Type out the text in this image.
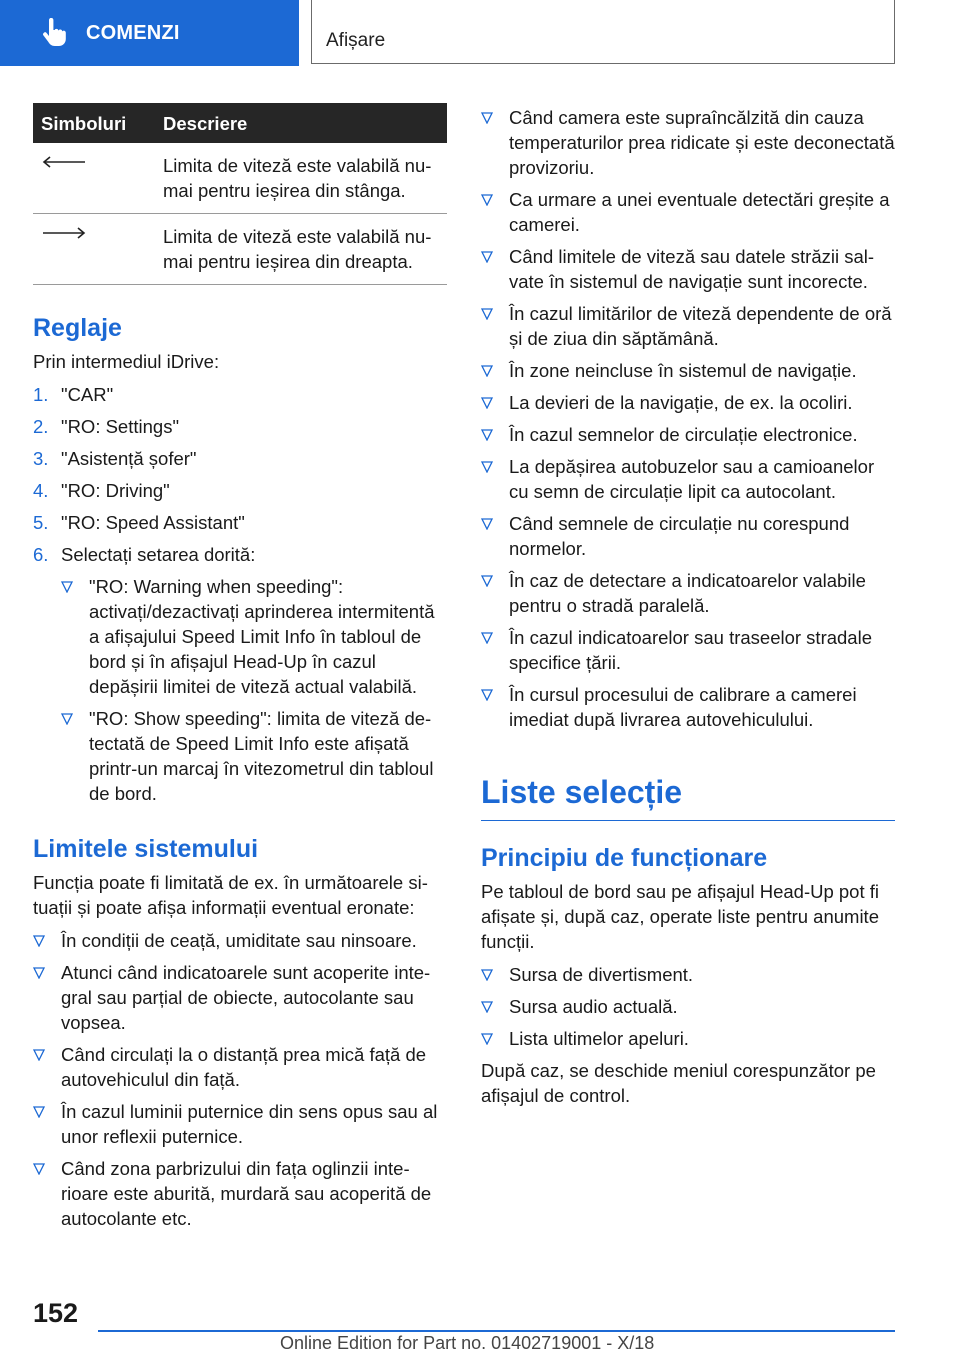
COMENZI	Afișare
Simboluri	Descriere

	Limita de viteză este valabilă numai pentru ieșirea din stânga.

	Limita de viteză este valabilă numai pentru ieșirea din dreapta.
Reglaje

Prin intermediul iDrive:

1. "CAR"
2. "RO: Settings"
3. "Asistență șofer"
4. "RO: Driving"
5. "RO: Speed Assistant"
6. Selectați setarea dorită:
"RO: Warning when speeding": activați/dezactivați aprinderea intermitentă a afișajului Speed Limit Info în tabloul de bord și în afișajul Head-Up în cazul depășirii limitei de viteză actual valabilă.
"RO: Show speeding": limita de viteză detectată de Speed Limit Info este afișată printr-un marcaj în vitezometrul din tabloul de bord.
Limitele sistemului

Funcția poate fi limitată de ex. în următoarele situații și poate afișa informații eventual eronate:

În condiții de ceață, umiditate sau ninsoare.
Atunci când indicatoarele sunt acoperite integral sau parțial de obiecte, autocolante sau vopsea.
Când circulați la o distanță prea mică față de autovehiculul din față.
În cazul luminii puternice din sens opus sau al unor reflexii puternice.
Când zona parbrizului din fața oglinzii interioare este aburită, murdară sau acoperită de autocolante etc.
Când camera este supraîncălzită din cauza temperaturilor prea ridicate și este deconectată provizoriu.
Ca urmare a unei eventuale detectări greșite a camerei.
Când limitele de viteză sau datele străzii salvate în sistemul de navigație sunt incorecte.
În cazul limitărilor de viteză dependente de oră și de ziua din săptămână.
În zone neincluse în sistemul de navigație.
La devieri de la navigație, de ex. la ocoliri.
În cazul semnelor de circulație electronice.
La depășirea autobuzelor sau a camioanelor cu semn de circulație lipit ca autocolant.
Când semnele de circulație nu corespund normelor.
În caz de detectare a indicatoarelor valabile pentru o stradă paralelă.
În cazul indicatoarelor sau traseelor stradale specifice țării.
În cursul procesului de calibrare a camerei imediat după livrarea autovehiculului.
Liste selecție
Principiu de funcționare

Pe tabloul de bord sau pe afișajul Head-Up pot fi afișate și, după caz, operate liste pentru anumite funcții.

Sursa de divertisment.
Sursa audio actuală.
Lista ultimelor apeluri.

După caz, se deschide meniul corespunzător pe afișajul de control.

152
Online Edition for Part no. 01402719001 - X/18
